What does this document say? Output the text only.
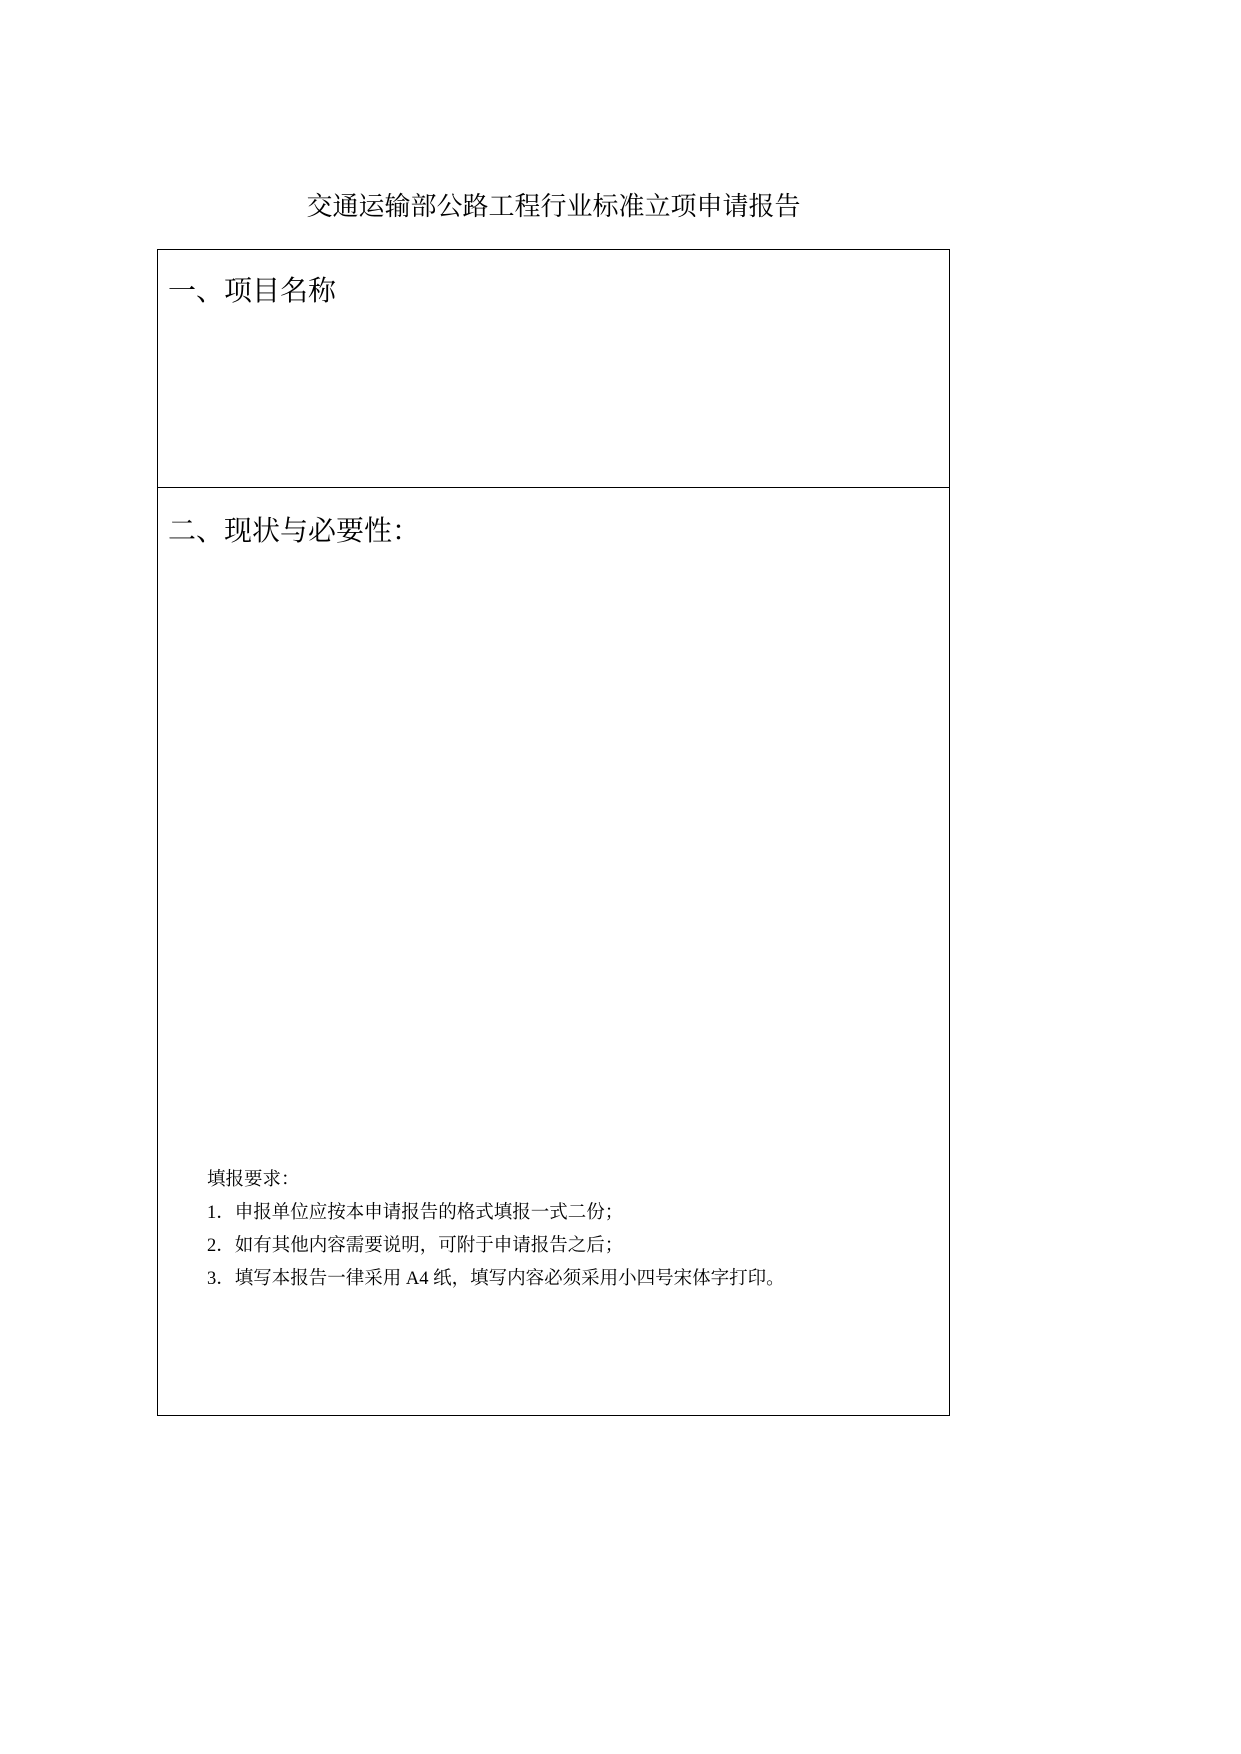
交通运输部公路工程行业标准立项申请报告
一、项目名称
二、现状与必要性：
填报要求：
1．申报单位应按本申请报告的格式填报一式二份；
2．如有其他内容需要说明，可附于申请报告之后；
3．填写本报告一律采用 A4 纸，填写内容必须采用小四号宋体字打印。
